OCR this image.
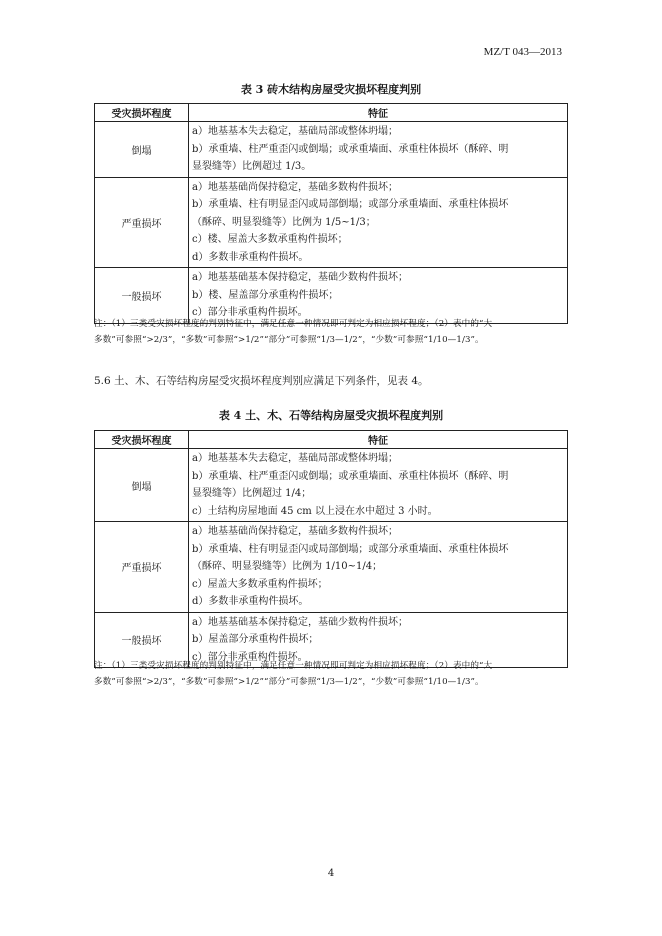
MZ/T 043—2013
表 3 砖木结构房屋受灾损坏程度判别
受灾损坏程度	特征
倒塌	a）地基基本失去稳定，基础局部或整体坍塌；
b）承重墙、柱严重歪闪或倒塌；或承重墙面、承重柱体损坏（酥碎、明
显裂缝等）比例超过 1/3。

严重损坏	a）地基基础尚保持稳定，基础多数构件损坏；
b）承重墙、柱有明显歪闪或局部倒塌；或部分承重墙面、承重柱体损坏
（酥碎、明显裂缝等）比例为 1/5~1/3；
c）楼、屋盖大多数承重构件损坏；
d）多数非承重构件损坏。

一般损坏	a）地基基础基本保持稳定，基础少数构件损坏；
b）楼、屋盖部分承重构件损坏；
c）部分非承重构件损坏。
注：（1）三类受灾损坏程度的判别特征中，满足任意一种情况即可判定为相应损坏程度；（2）表中的“大
多数”可参照“>2/3”，“多数”可参照“>1/2”“部分”可参照“1/3—1/2”，“少数”可参照“1/10—1/3”。
5.6 土、木、石等结构房屋受灾损坏程度判别应满足下列条件，见表 4。
表 4 土、木、石等结构房屋受灾损坏程度判别
受灾损坏程度	特征
倒塌	a）地基基本失去稳定，基础局部或整体坍塌；
b）承重墙、柱严重歪闪或倒塌；或承重墙面、承重柱体损坏（酥碎、明
显裂缝等）比例超过 1/4；
c）土结构房屋地面 45 cm 以上浸在水中超过 3 小时。

严重损坏	a）地基基础尚保持稳定，基础多数构件损坏；
b）承重墙、柱有明显歪闪或局部倒塌；或部分承重墙面、承重柱体损坏
（酥碎、明显裂缝等）比例为 1/10~1/4；
c）屋盖大多数承重构件损坏；
d）多数非承重构件损坏。

一般损坏	a）地基基础基本保持稳定，基础少数构件损坏；
b）屋盖部分承重构件损坏；
c）部分非承重构件损坏。
注：（1）三类受灾损坏程度的判别特征中，满足任意一种情况即可判定为相应损坏程度；（2）表中的“大
多数”可参照“>2/3”，“多数”可参照“>1/2”“部分”可参照“1/3—1/2”，“少数”可参照“1/10—1/3”。
4
